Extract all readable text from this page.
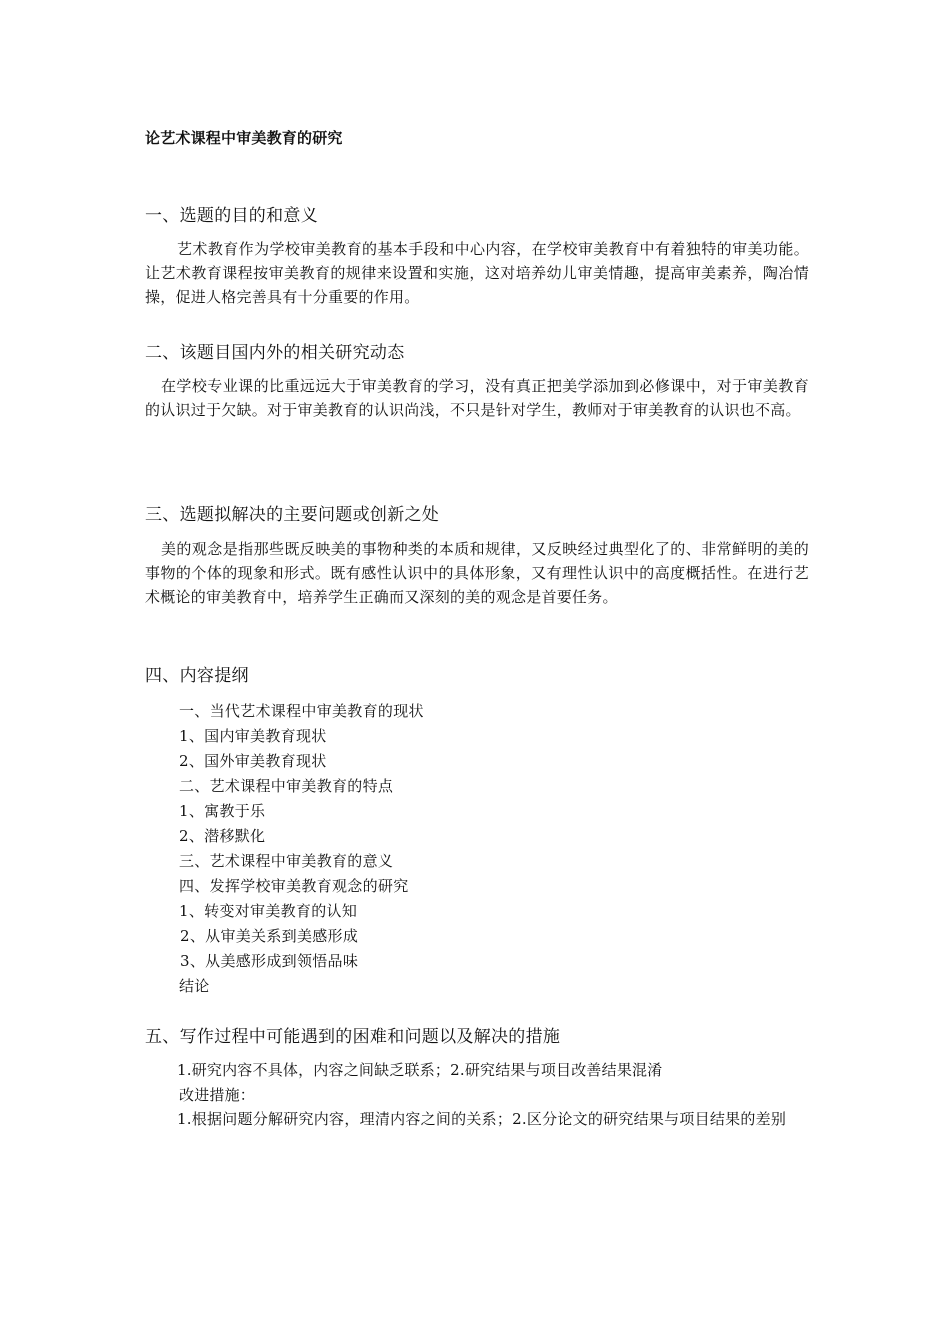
论艺术课程中审美教育的研究
一、选题的目的和意义
艺术教育作为学校审美教育的基本手段和中心内容，在学校审美教育中有着独特的审美功能。让艺术教育课程按审美教育的规律来设置和实施，这对培养幼儿审美情趣，提高审美素养，陶冶情操，促进人格完善具有十分重要的作用。
二、该题目国内外的相关研究动态
在学校专业课的比重远远大于审美教育的学习，没有真正把美学添加到必修课中，对于审美教育的认识过于欠缺。对于审美教育的认识尚浅，不只是针对学生，教师对于审美教育的认识也不高。
三、选题拟解决的主要问题或创新之处
美的观念是指那些既反映美的事物种类的本质和规律，又反映经过典型化了的、非常鲜明的美的事物的个体的现象和形式。既有感性认识中的具体形象，又有理性认识中的高度概括性。在进行艺术概论的审美教育中，培养学生正确而又深刻的美的观念是首要任务。
四、内容提纲
一、当代艺术课程中审美教育的现状
1、国内审美教育现状
2、国外审美教育现状
二、艺术课程中审美教育的特点
1、寓教于乐
2、潜移默化
三、艺术课程中审美教育的意义
四、发挥学校审美教育观念的研究
1、转变对审美教育的认知
2、从审美关系到美感形成
3、从美感形成到领悟品味
结论
五、写作过程中可能遇到的困难和问题以及解决的措施
1.研究内容不具体，内容之间缺乏联系；2.研究结果与项目改善结果混淆
改进措施：
1.根据问题分解研究内容，理清内容之间的关系；2.区分论文的研究结果与项目结果的差别
